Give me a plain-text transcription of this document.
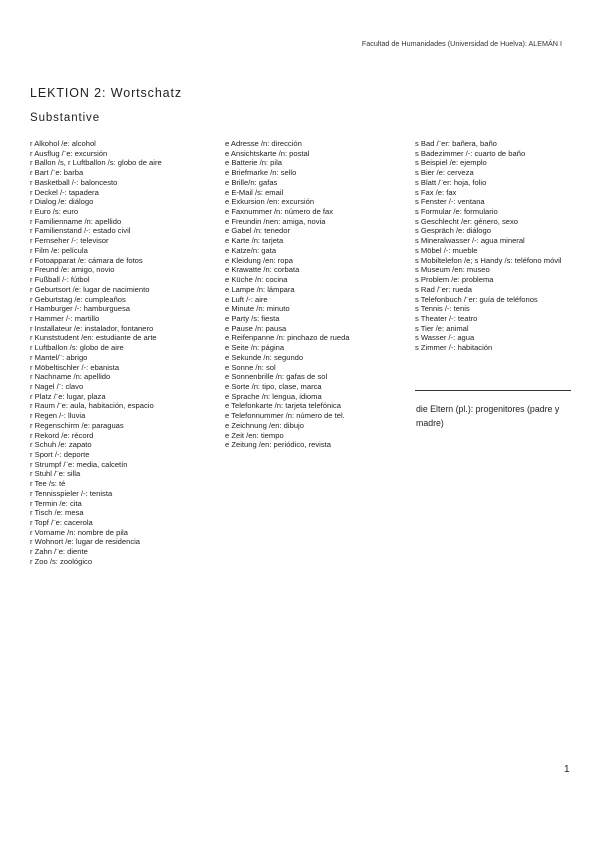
Facultad de Humanidades (Universidad de Huelva): ALEMÁN I
LEKTION 2: Wortschatz
Substantive
r Alkohol /e: alcohol
r Ausflug /¨e: excursión
r Ballon /s, r Luftballon /s: globo de aire
r Bart /¨e: barba
r Basketball /-: baloncesto
r Deckel /-: tapadera
r Dialog /e: diálogo
r Euro /s: euro
r Familienname /n: apellido
r Familienstand /-: estado civil
r Fernseher /-: televisor
r Film /e: película
r Fotoapparat /e: cámara de fotos
r Freund /e: amigo, novio
r Fußball /-: fútbol
r Geburtsort /e: lugar de nacimiento
r Geburtstag /e: cumpleaños
r Hamburger /-: hamburguesa
r Hammer /-: martillo
r Installateur /e: instalador, fontanero
r Kunststudent /en: estudiante de arte
r Luftballon /s: globo de aire
r Mantel/¨: abrigo
r Möbeltischler /-: ebanista
r Nachname /n: apellido
r Nagel /¨: clavo
r Platz /¨e: lugar, plaza
r Raum /¨e: aula, habitación, espacio
r Regen /-: lluvia
r Regenschirm /e: paraguas
r Rekord /e: récord
r Schuh /e: zapato
r Sport /-: deporte
r Strumpf /¨e: media, calcetín
r Stuhl /¨e: silla
r Tee /s: té
r Tennisspieler /-: tenista
r Termin /e: cita
r Tisch /e: mesa
r Topf /¨e: cacerola
r Vorname /n: nombre de pila
r Wohnort /e: lugar de residencia
r Zahn /¨e: diente
r Zoo /s: zoológico
e Adresse /n: dirección
e Ansichtskarte /n: postal
e Batterie /n: pila
e Briefmarke /n: sello
e Brille/n: gafas
e E-Mail /s: email
e Exkursion /en: excursión
e Faxnummer /n: número de fax
e Freundin /nen: amiga, novia
e Gabel /n: tenedor
e Karte /n: tarjeta
e Katze/n: gata
e Kleidung /en: ropa
e Krawatte /n: corbata
e Küche /n: cocina
e Lampe /n: lámpara
e Luft /-: aire
e Minute /n: minuto
e Party /s: fiesta
e Pause /n: pausa
e Reifenpanne /n: pinchazo de rueda
e Seite /n: página
e Sekunde /n: segundo
e Sonne /n: sol
e Sonnenbrille /n: gafas de sol
e Sorte /n: tipo, clase, marca
e Sprache /n: lengua, idioma
e Telefonkarte /n: tarjeta telefónica
e Telefonnummer /n: número de tel.
e Zeichnung /en: dibujo
e Zeit /en: tiempo
e Zeitung /en: periódico, revista
s Bad /¨er: bañera, baño
s Badezimmer /-: cuarto de baño
s Beispiel /e: ejemplo
s Bier /e: cerveza
s Blatt /¨er: hoja, folio
s Fax /e: fax
s Fenster /-: ventana
s Formular /e: formulario
s Geschlecht /er: género, sexo
s Gespräch /e: diálogo
s Mineralwasser /-: agua mineral
s Möbel /-: mueble
s Mobiltelefon /e; s Handy /s: teléfono móvil
s Museum /en: museo
s Problem /e: problema
s Rad /¨er: rueda
s Telefonbuch /¨er: guía de teléfonos
s Tennis /-: tenis
s Theater /-: teatro
s Tier /e: animal
s Wasser /-: agua
s Zimmer /-: habitación
die Eltern (pl.): progenitores (padre y madre)
1
